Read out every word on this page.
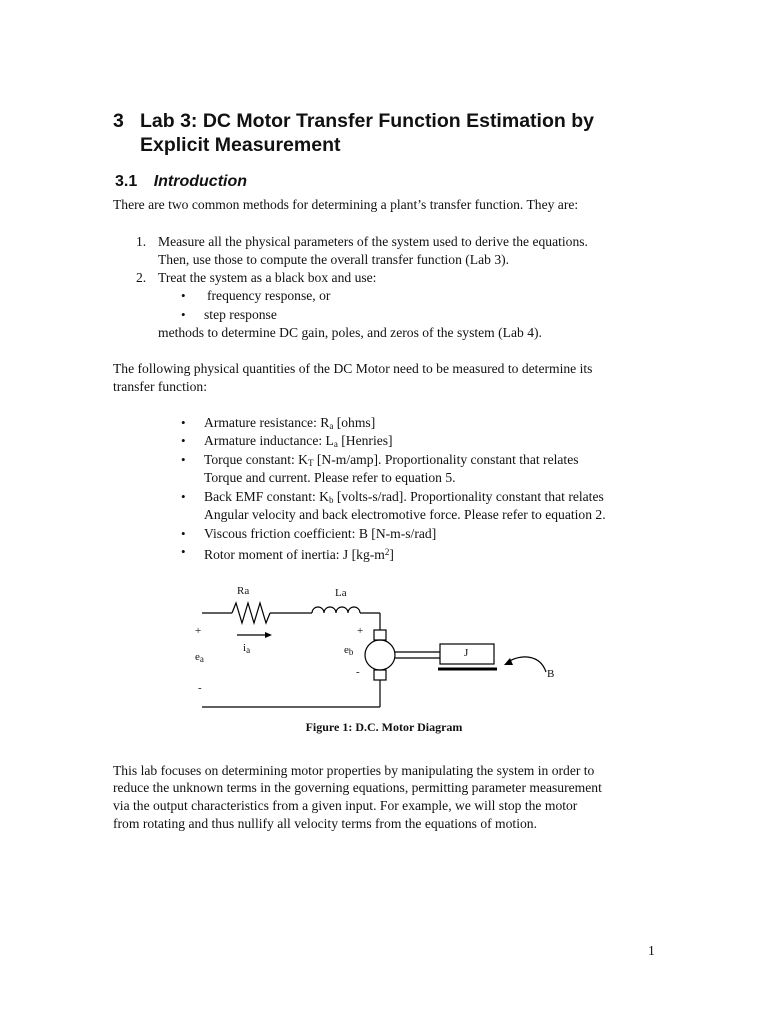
3 Lab 3: DC Motor Transfer Function Estimation by
Explicit Measurement
3.1 Introduction
There are two common methods for determining a plant’s transfer function. They are:
1. Measure all the physical parameters of the system used to derive the equations.
Then, use those to compute the overall transfer function (Lab 3).
2. Treat the system as a black box and use:
• frequency response, or
• step response
methods to determine DC gain, poles, and zeros of the system (Lab 4).
The following physical quantities of the DC Motor need to be measured to determine its
transfer function:
• Armature resistance: $R_a$ [ohms]
• Armature inductance: $L_a$ [Henries]
• Torque constant: $K_T$ [N-m/amp]. Proportionality constant that relates
Torque and current. Please refer to equation 5.
• Back EMF constant: $K_b$ [volts-s/rad]. Proportionality constant that relates
Angular velocity and back electromotive force. Please refer to equation 2.
• Viscous friction coefficient: B [N-m-s/rad]
• Rotor moment of inertia: J $[kg-m^2]$
Ra	La
+	+
$e_a$
$i_a$	$e_b$
-
-
J
B
Figure 1: D.C. Motor Diagram
This lab focuses on determining motor properties by manipulating the system in order to
reduce the unknown terms in the governing equations, permitting parameter measurement
via the output characteristics from a given input. For example, we will stop the motor
from rotating and thus nullify all velocity terms from the equations of motion.
1
